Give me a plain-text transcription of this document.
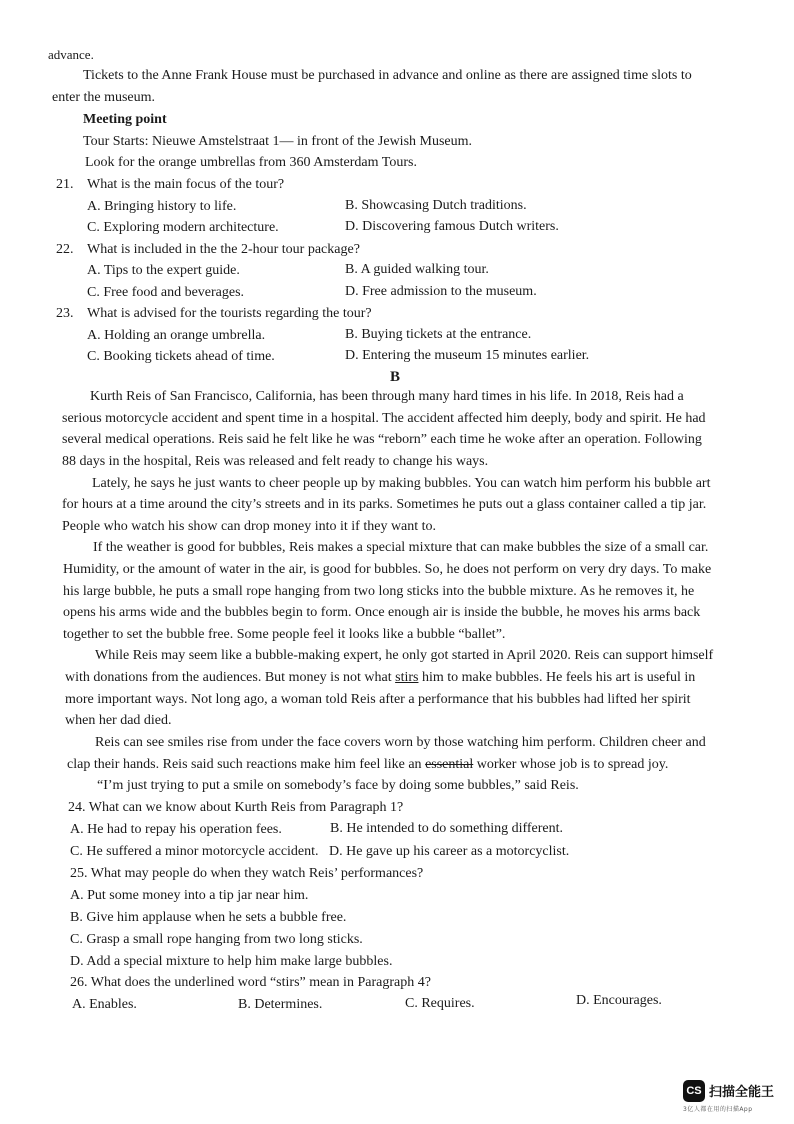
advance.
Tickets to the Anne Frank House must be purchased in advance and online as there are assigned time slots to
enter the museum.
Meeting point
Tour Starts: Nieuwe Amstelstraat 1— in front of the Jewish Museum.
Look for the orange umbrellas from 360 Amsterdam Tours.
21. What is the main focus of the tour?
A. Bringing history to life.	B. Showcasing Dutch traditions.
C. Exploring modern architecture.	D. Discovering famous Dutch writers.
22. What is included in the the 2-hour tour package?
A. Tips to the expert guide.	B. A guided walking tour.
C. Free food and beverages.	D. Free admission to the museum.
23. What is advised for the tourists regarding the tour?
A. Holding an orange umbrella.	B. Buying tickets at the entrance.
C. Booking tickets ahead of time.	D. Entering the museum 15 minutes earlier.
B
Kurth Reis of San Francisco, California, has been through many hard times in his life. In 2018, Reis had a
serious motorcycle accident and spent time in a hospital. The accident affected him deeply, body and spirit. He had
several medical operations. Reis said he felt like he was “reborn” each time he woke after an operation. Following
88 days in the hospital, Reis was released and felt ready to change his ways.
Lately, he says he just wants to cheer people up by making bubbles. You can watch him perform his bubble art
for hours at a time around the city’s streets and in its parks. Sometimes he puts out a glass container called a tip jar.
People who watch his show can drop money into it if they want to.
If the weather is good for bubbles, Reis makes a special mixture that can make bubbles the size of a small car.
Humidity, or the amount of water in the air, is good for bubbles. So, he does not perform on very dry days. To make
his large bubble, he puts a small rope hanging from two long sticks into the bubble mixture. As he removes it, he
opens his arms wide and the bubbles begin to form. Once enough air is inside the bubble, he moves his arms back
together to set the bubble free. Some people feel it looks like a bubble “ballet”.
While Reis may seem like a bubble-making expert, he only got started in April 2020. Reis can support himself
with donations from the audiences. But money is not what stirs him to make bubbles. He feels his art is useful in
more important ways. Not long ago, a woman told Reis after a performance that his bubbles had lifted her spirit
when her dad died.
Reis can see smiles rise from under the face covers worn by those watching him perform. Children cheer and
clap their hands. Reis said such reactions make him feel like an essential worker whose job is to spread joy.
“I’m just trying to put a smile on somebody’s face by doing some bubbles,” said Reis.
24. What can we know about Kurth Reis from Paragraph 1?
A. He had to repay his operation fees.	B. He intended to do something different.
C. He suffered a minor motorcycle accident. D. He gave up his career as a motorcyclist.
25. What may people do when they watch Reis’ performances?
A. Put some money into a tip jar near him.
B. Give him applause when he sets a bubble free.
C. Grasp a small rope hanging from two long sticks.
D. Add a special mixture to help him make large bubbles.
26. What does the underlined word “stirs” mean in Paragraph 4?
A. Enables.	B. Determines.	C. Requires.	D. Encourages.
CS 扫描全能王
3亿人都在用的扫描App
